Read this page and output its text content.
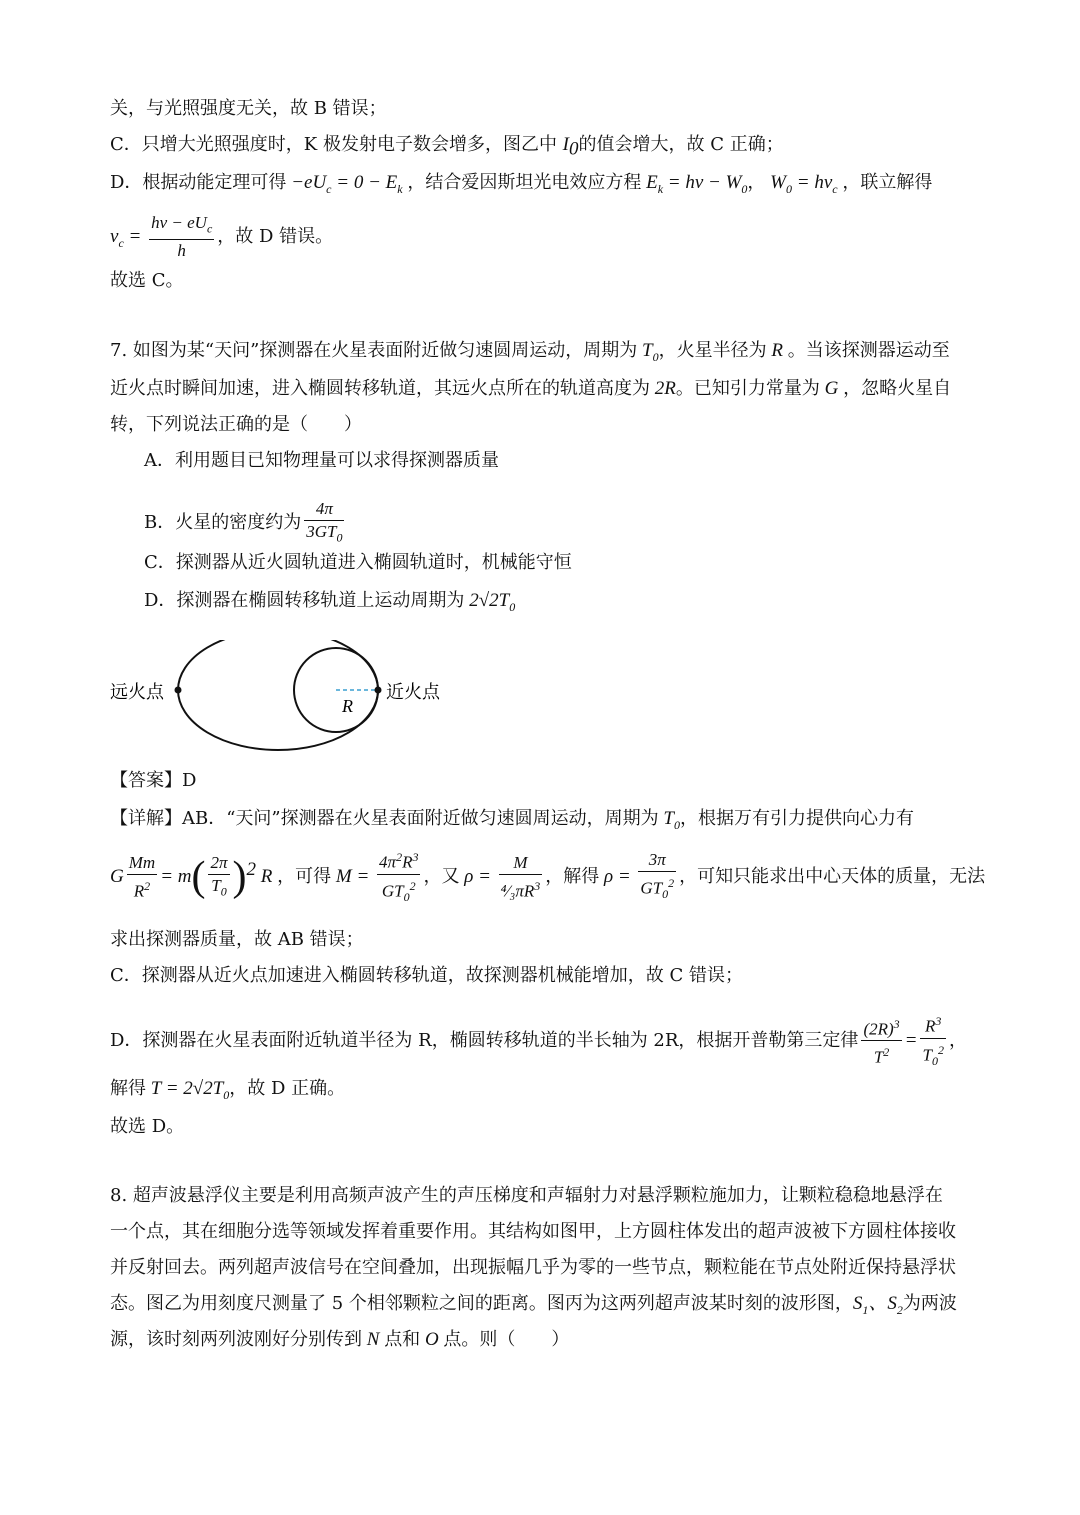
关，与光照强度无关，故 B 错误；
C．只增大光照强度时，K 极发射电子数会增多，图乙中 $I_0$的值会增大，故 C 正确；
D．根据动能定理可得 $-eU_c = 0 - E_k$ ，结合爱因斯坦光电效应方程 $E_k = h\nu - W_0$， $W_0 = h\nu_c$ ，联立解得
$\nu_c = \frac{h\nu - eU_c}{h}$ ，故 D 错误。
故选 C。
7. 如图为某“天问”探测器在火星表面附近做匀速圆周运动，周期为 $T_0$，火星半径为 R 。当该探测器运动至
近火点时瞬间加速，进入椭圆转移轨道，其远火点所在的轨道高度为 2R。已知引力常量为 G ，忽略火星自
转，下列说法正确的是（　　）
A．利用题目已知物理量可以求得探测器质量
B．火星的密度约为 $\frac{4\pi}{3GT_0}$
C．探测器从近火圆轨道进入椭圆轨道时，机械能守恒
D．探测器在椭圆转移轨道上运动周期为 $2√2T_0$
远火点	近火点
R
【答案】D
【详解】AB．“天问”探测器在火星表面附近做匀速圆周运动，周期为 $T_0$，根据万有引力提供向心力有
G $\frac{Mm}{R^2} = m( \frac{2\pi}{T_0} )^2$ R ，可得 $M = \frac{4\pi^2R^3}{GT_0^2}$ ，又 $\rho = \frac{M}{^4⁄_3\pi R^3}$ ，解得 $\rho = \frac{3\pi}{GT_0^2}$ ，可知只能求出中心天体的质量，无法
求出探测器质量，故 AB 错误；
C．探测器从近火点加速进入椭圆转移轨道，故探测器机械能增加，故 C 错误；
D．探测器在火星表面附近轨道半径为 R，椭圆转移轨道的半长轴为 2R，根据开普勒第三定律 $\frac{(2R)^3}{T^2} = \frac{R^3}{T_0^2}$ ，
解得 $T = 2√2T_0$，故 D 正确。
故选 D。
8. 超声波悬浮仪主要是利用高频声波产生的声压梯度和声辐射力对悬浮颗粒施加力，让颗粒稳稳地悬浮在
一个点，其在细胞分选等领域发挥着重要作用。其结构如图甲，上方圆柱体发出的超声波被下方圆柱体接收
并反射回去。两列超声波信号在空间叠加，出现振幅几乎为零的一些节点，颗粒能在节点处附近保持悬浮状
态。图乙为用刻度尺测量了 5 个相邻颗粒之间的距离。图丙为这两列超声波某时刻的波形图，$S_1$、$S_2$为两波
源，该时刻两列波刚好分别传到 N 点和 O 点。则（　　）
